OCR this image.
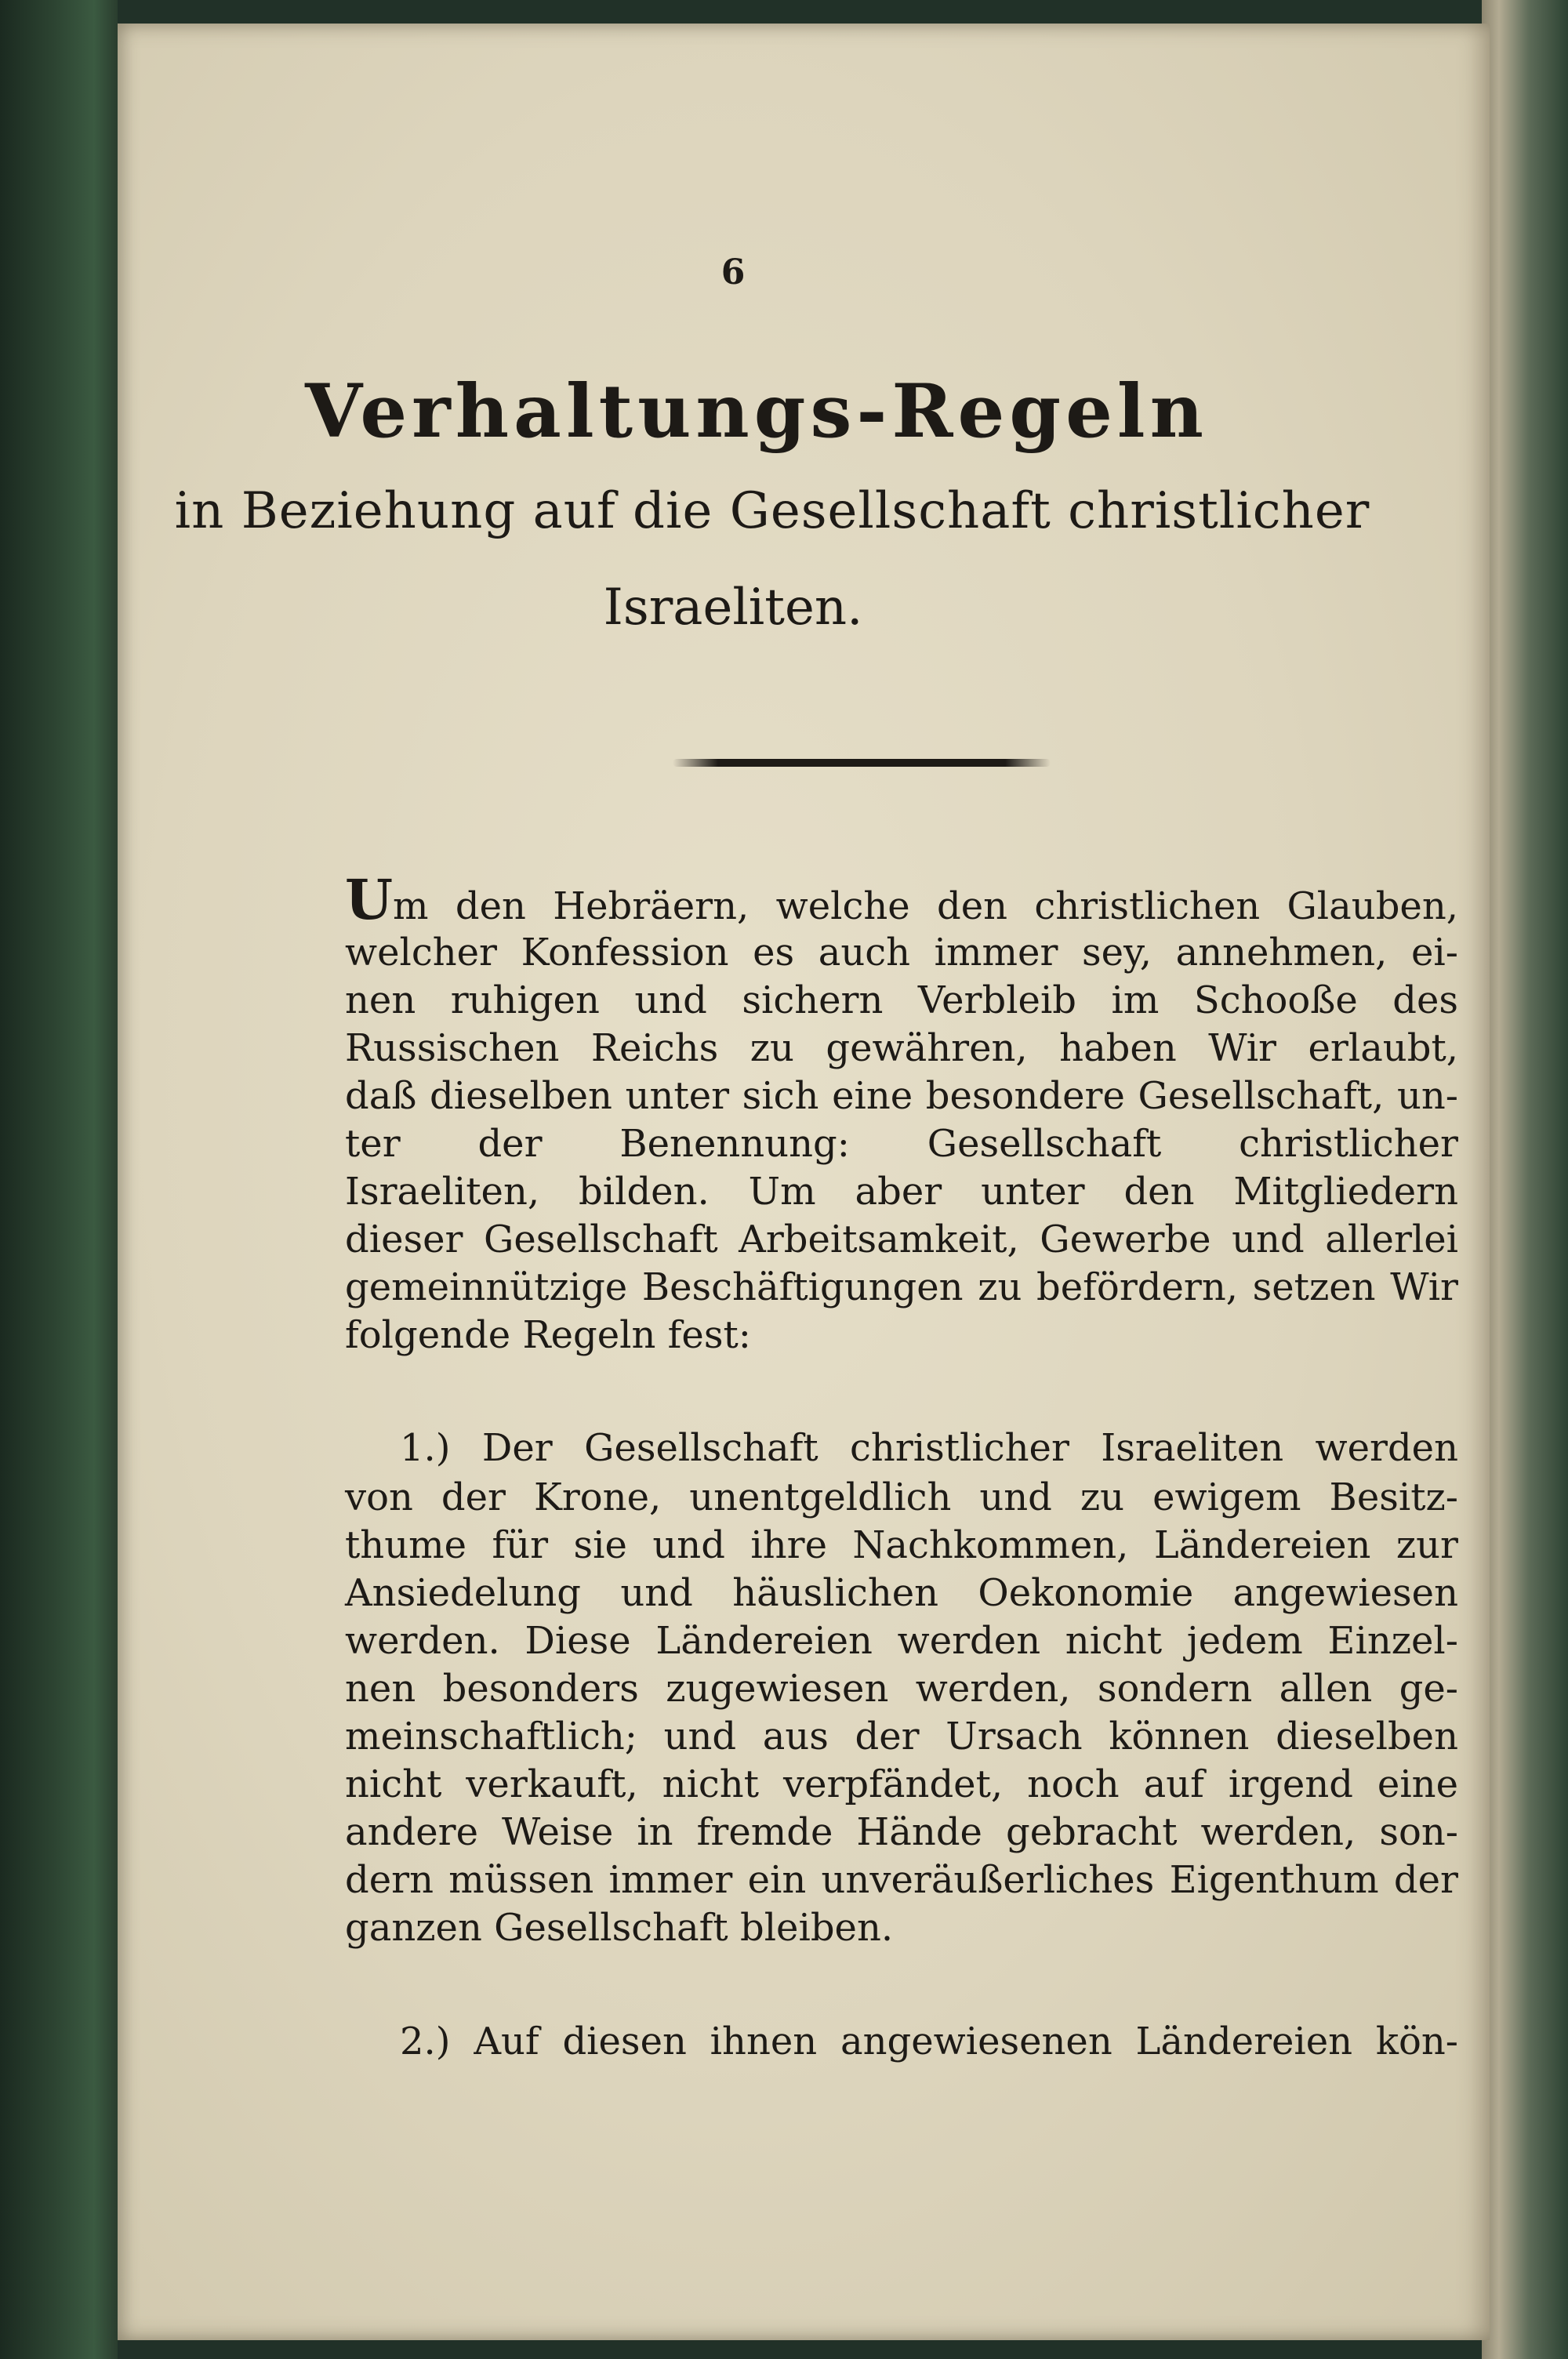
6
Verhaltungs-Regeln
in Beziehung auf die Gesellschaft christlicher
Israeliten.
Um den Hebräern, welche den christlichen Glauben,
welcher Konfession es auch immer sey, annehmen, ei-
nen ruhigen und sichern Verbleib im Schooße des
Russischen Reichs zu gewähren, haben Wir erlaubt,
daß dieselben unter sich eine besondere Gesellschaft, un-
ter der Benennung: Gesellschaft christlicher
Israeliten, bilden. Um aber unter den Mitgliedern
dieser Gesellschaft Arbeitsamkeit, Gewerbe und allerlei
gemeinnützige Beschäftigungen zu befördern, setzen Wir
folgende Regeln fest:
1.) Der Gesellschaft christlicher Israeliten werden
von der Krone, unentgeldlich und zu ewigem Besitz-
thume für sie und ihre Nachkommen, Ländereien zur
Ansiedelung und häuslichen Oekonomie angewiesen
werden. Diese Ländereien werden nicht jedem Einzel-
nen besonders zugewiesen werden, sondern allen ge-
meinschaftlich; und aus der Ursach können dieselben
nicht verkauft, nicht verpfändet, noch auf irgend eine
andere Weise in fremde Hände gebracht werden, son-
dern müssen immer ein unveräußerliches Eigenthum der
ganzen Gesellschaft bleiben.
2.) Auf diesen ihnen angewiesenen Ländereien kön-
